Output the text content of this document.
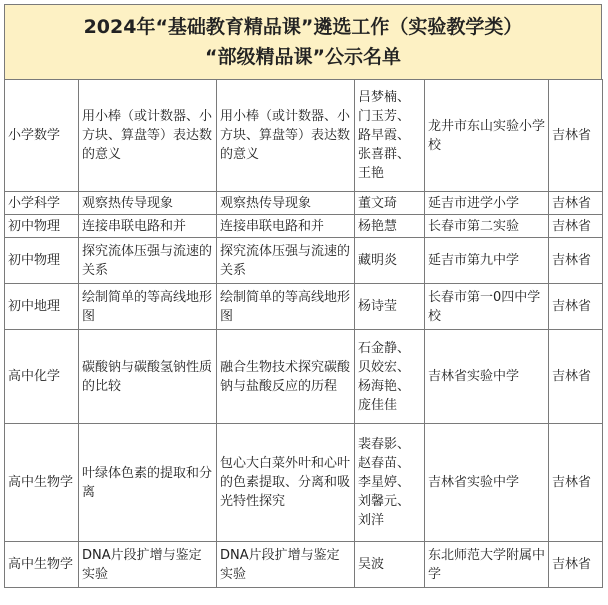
2024年“基础教育精品课”遴选工作（实验教学类）
“部级精品课”公示名单
小学数学	用小棒（或计数器、小方块、算盘等）表达数的意义	用小棒（或计数器、小方块、算盘等）表达数的意义	吕梦楠、
门玉芳、
路早霞、
张喜群、
王艳	龙井市东山实验小学校	吉林省
小学科学	观察热传导现象	观察热传导现象	董文琦	延吉市进学小学	吉林省
初中物理	连接串联电路和并	连接串联电路和并	杨艳慧	长春市第二实验	吉林省
初中物理	探究流体压强与流速的关系	探究流体压强与流速的关系	藏明炎	延吉市第九中学	吉林省
初中地理	绘制简单的等高线地形图	绘制简单的等高线地形图	杨诗莹	长春市第一0四中学校	吉林省
高中化学	碳酸钠与碳酸氢钠性质的比较	融合生物技术探究碳酸钠与盐酸反应的历程	石金静、
贝姣宏、
杨海艳、
庞佳佳	吉林省实验中学	吉林省
高中生物学	叶绿体色素的提取和分离	包心大白菜外叶和心叶的色素提取、分离和吸光特性探究	裴春影、
赵春苗、
李星婷、
刘馨元、
刘洋	吉林省实验中学	吉林省
高中生物学	DNA片段扩增与鉴定实验	DNA片段扩增与鉴定实验	吴波	东北师范大学附属中学	吉林省
